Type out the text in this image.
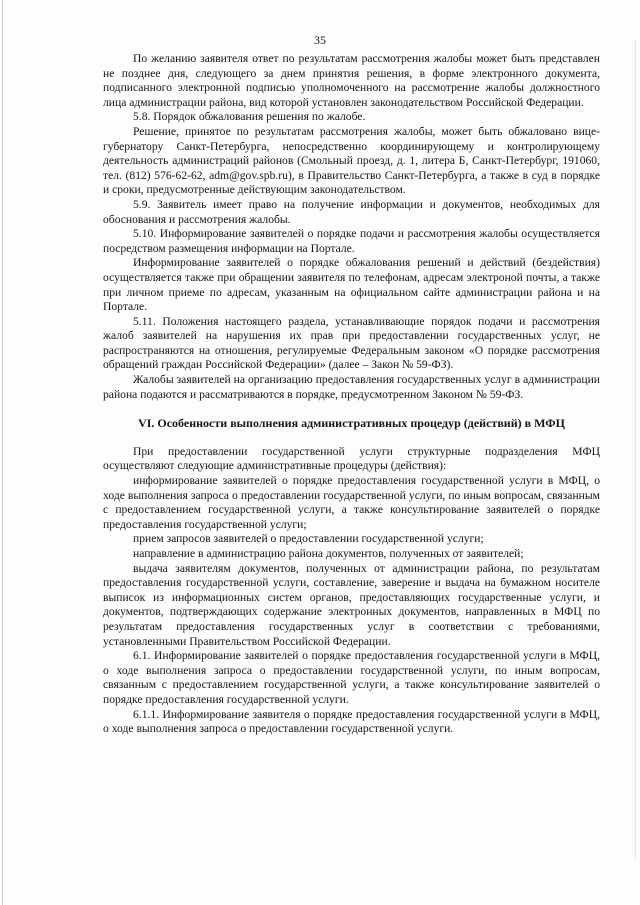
35

По желанию заявителя ответ по результатам рассмотрения жалобы может быть представлен не позднее дня, следующего за днем принятия решения, в форме электронного документа, подписанного электронной подписью уполномоченного на рассмотрение жалобы должностного лица администрации района, вид которой установлен законодательством Российской Федерации.

5.8. Порядок обжалования решения по жалобе.

Решение, принятое по результатам рассмотрения жалобы, может быть обжаловано вице-губернатору Санкт-Петербурга, непосредственно координирующему и контролирующему деятельность администраций районов (Смольный проезд, д. 1, литера Б, Санкт-Петербург, 191060, тел. (812) 576-62-62, adm@gov.spb.ru), в Правительство Санкт-Петербурга, а также в суд в порядке и сроки, предусмотренные действующим законодательством.

5.9. Заявитель имеет право на получение информации и документов, необходимых для обоснования и рассмотрения жалобы.

5.10. Информирование заявителей о порядке подачи и рассмотрения жалобы осуществляется посредством размещения информации на Портале.

Информирование заявителей о порядке обжалования решений и действий (бездействия) осуществляется также при обращении заявителя по телефонам, адресам электроной почты, а также при личном приеме по адресам, указанным на официальном сайте администрации района и на Портале.

5.11. Положения настоящего раздела, устанавливающие порядок подачи и рассмотрения жалоб заявителей на нарушения их прав при предоставлении государственных услуг, не распространяются на отношения, регулируемые Федеральным законом «О порядке рассмотрения обращений граждан Российской Федерации» (далее – Закон № 59-ФЗ).

Жалобы заявителей на организацию предоставления государственных услуг в администрации района подаются и рассматриваются в порядке, предусмотренном Законом № 59-ФЗ.

VI. Особенности выполнения административных процедур (действий) в МФЦ

При предоставлении государственной услуги структурные подразделения МФЦ осуществляют следующие административные процедуры (действия):

информирование заявителей о порядке предоставления государственной услуги в МФЦ, о ходе выполнения запроса о предоставлении государственной услуги, по иным вопросам, связанным с предоставлением государственной услуги, а также консультирование заявителей о порядке предоставления государственной услуги;

прием запросов заявителей о предоставлении государственной услуги;

направление в администрацию района документов, полученных от заявителей;

выдача заявителям документов, полученных от администрации района, по результатам предоставления государственной услуги, составление, заверение и выдача на бумажном носителе выписок из информационных систем органов, предоставляющих государственные услуги, и документов, подтверждающих содержание электронных документов, направленных в МФЦ по результатам предоставления государственных услуг в соответствии с требованиями, установленными Правительством Российской Федерации.

6.1. Информирование заявителей о порядке предоставления государственной услуги в МФЦ, о ходе выполнения запроса о предоставлении государственной услуги, по иным вопросам, связанным с предоставлением государственной услуги, а также консультирование заявителей о порядке предоставления государственной услуги.

6.1.1. Информирование заявителя о порядке предоставления государственной услуги в МФЦ, о ходе выполнения запроса о предоставлении государственной услуги.
